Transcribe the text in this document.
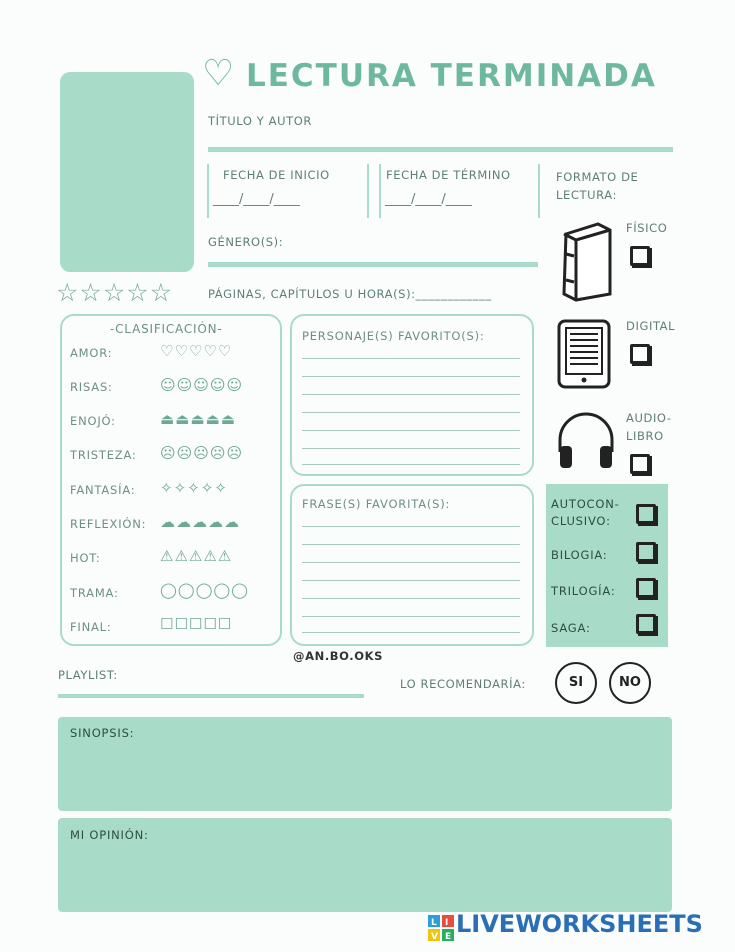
♡ LECTURA TERMINADA
TÍTULO Y AUTOR
FECHA DE INICIO
____/____/____
FECHA DE TÉRMINO
____/____/____
FORMATO DE LECTURA:
GÉNERO(S):
☆☆☆☆☆	PÁGINAS, CAPÍTULOS U HORA(S):____________
FÍSICO
DIGITAL
AUDIO-LIBRO
AUTOCON-CLUSIVO:
BILOGIA:
TRILOGÍA:
SAGA:
-CLASIFICACIÓN-
AMOR:	♡♡♡♡♡
RISAS:	☺☺☺☺☺
ENOJÓ:	⏏⏏⏏⏏⏏
TRISTEZA: ☹☹☹☹☹
FANTASÍA: ✧✧✧✧✧
REFLEXIÓN: ☁☁☁☁☁
HOT:	⚠⚠⚠⚠⚠
TRAMA:	◯◯◯◯◯
FINAL:	☐☐☐☐☐
PERSONAJE(S) FAVORITO(S):
FRASE(S) FAVORITA(S):
@AN.BO.OKS
PLAYLIST:
LO RECOMENDARÍA:	SI	NO
SINOPSIS:
MI OPINIÓN:
L I
V E LIVEWORKSHEETS
